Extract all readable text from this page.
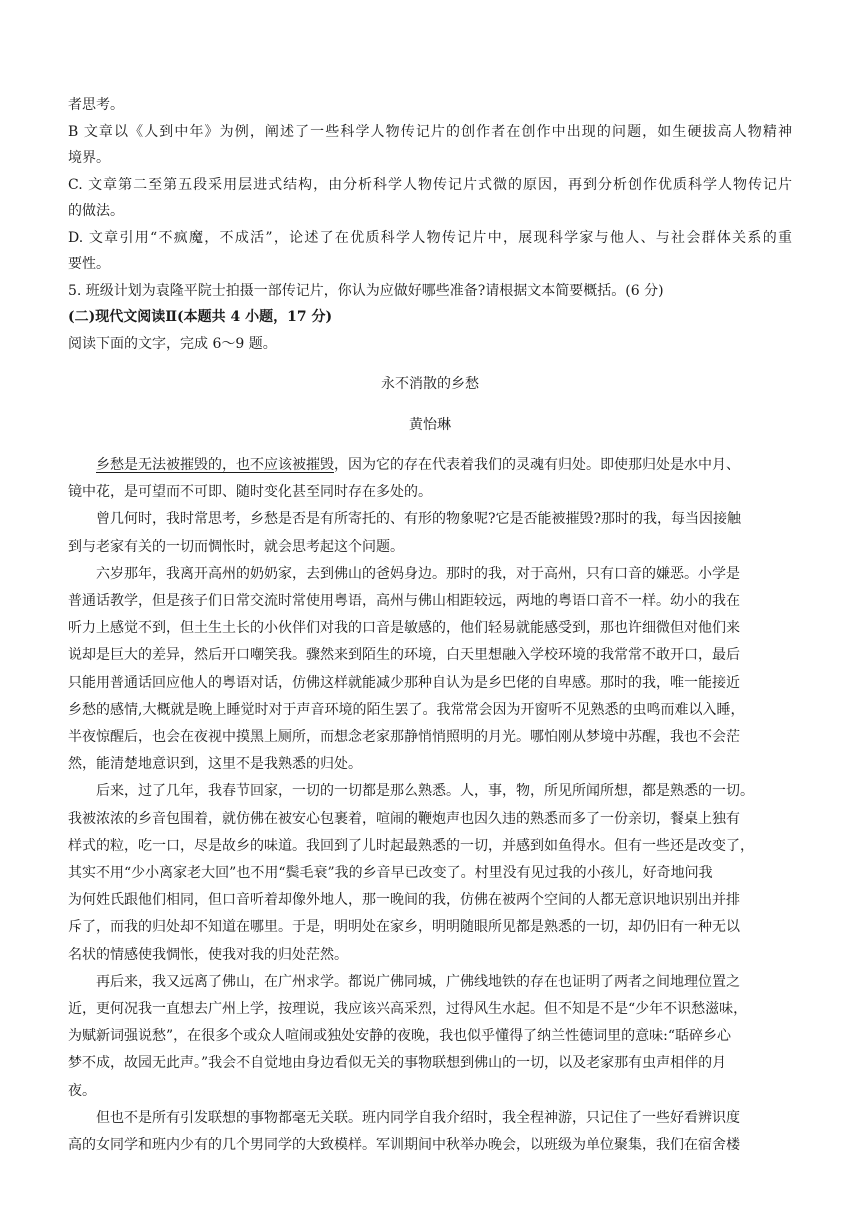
者思考。

B 文章以《人到中年》为例，阐述了一些科学人物传记片的创作者在创作中出现的问题，如生硬拔高人物精神

境界。

C. 文章第二至第五段采用层进式结构，由分析科学人物传记片式微的原因，再到分析创作优质科学人物传记片

的做法。

D. 文章引用“不疯魔，不成活”，论述了在优质科学人物传记片中，展现科学家与他人、与社会群体关系的重

要性。

5. 班级计划为袁隆平院士拍摄一部传记片，你认为应做好哪些准备?请根据文本简要概括。(6 分)

(二)现代文阅读Ⅱ(本题共 4 小题，17 分)

阅读下面的文字，完成 6～9 题。

永不消散的乡愁

黄怡琳

乡愁是无法被摧毁的，也不应该被摧毁，因为它的存在代表着我们的灵魂有归处。即使那归处是水中月、

镜中花，是可望而不可即、随时变化甚至同时存在多处的。

曾几何时，我时常思考，乡愁是否是有所寄托的、有形的物象呢?它是否能被摧毁?那时的我，每当因接触

到与老家有关的一切而惆怅时，就会思考起这个问题。

六岁那年，我离开高州的奶奶家，去到佛山的爸妈身边。那时的我，对于高州，只有口音的嫌恶。小学是

普通话教学，但是孩子们日常交流时常使用粤语，高州与佛山相距较远，两地的粤语口音不一样。幼小的我在

听力上感觉不到，但土生土长的小伙伴们对我的口音是敏感的，他们轻易就能感受到，那也许细微但对他们来

说却是巨大的差异，然后开口嘲笑我。骤然来到陌生的环境，白天里想融入学校环境的我常常不敢开口，最后

只能用普通话回应他人的粤语对话，仿佛这样就能减少那种自认为是乡巴佬的自卑感。那时的我，唯一能接近

乡愁的感情,大概就是晚上睡觉时对于声音环境的陌生罢了。我常常会因为开窗听不见熟悉的虫鸣而难以入睡，

半夜惊醒后，也会在夜视中摸黑上厕所，而想念老家那静悄悄照明的月光。哪怕刚从梦境中苏醒，我也不会茫

然，能清楚地意识到，这里不是我熟悉的归处。

后来，过了几年，我春节回家，一切的一切都是那么熟悉。人，事，物，所见所闻所想，都是熟悉的一切。

我被浓浓的乡音包围着，就仿佛在被安心包裹着，喧闹的鞭炮声也因久违的熟悉而多了一份亲切，餐桌上独有

样式的粒，吃一口，尽是故乡的味道。我回到了儿时起最熟悉的一切，并感到如鱼得水。但有一些还是改变了，

其实不用“少小离家老大回”也不用“鬓毛衰”我的乡音早已改变了。村里没有见过我的小孩儿，好奇地问我

为何姓氏跟他们相同，但口音听着却像外地人，那一晚间的我，仿佛在被两个空间的人都无意识地识别出并排

斥了，而我的归处却不知道在哪里。于是，明明处在家乡，明明随眼所见都是熟悉的一切，却仍旧有一种无以

名状的情感使我惆怅，使我对我的归处茫然。

再后来，我又远离了佛山，在广州求学。都说广佛同城，广佛线地铁的存在也证明了两者之间地理位置之

近，更何况我一直想去广州上学，按理说，我应该兴高采烈，过得风生水起。但不知是不是“少年不识愁滋味，

为赋新词强说愁”，在很多个或众人喧闹或独处安静的夜晚，我也似乎懂得了纳兰性德词里的意味:“聒碎乡心

梦不成，故园无此声。”我会不自觉地由身边看似无关的事物联想到佛山的一切，以及老家那有虫声相伴的月

夜。

但也不是所有引发联想的事物都毫无关联。班内同学自我介绍时，我全程神游，只记住了一些好看辨识度

高的女同学和班内少有的几个男同学的大致模样。军训期间中秋举办晚会，以班级为单位聚集，我们在宿舍楼
